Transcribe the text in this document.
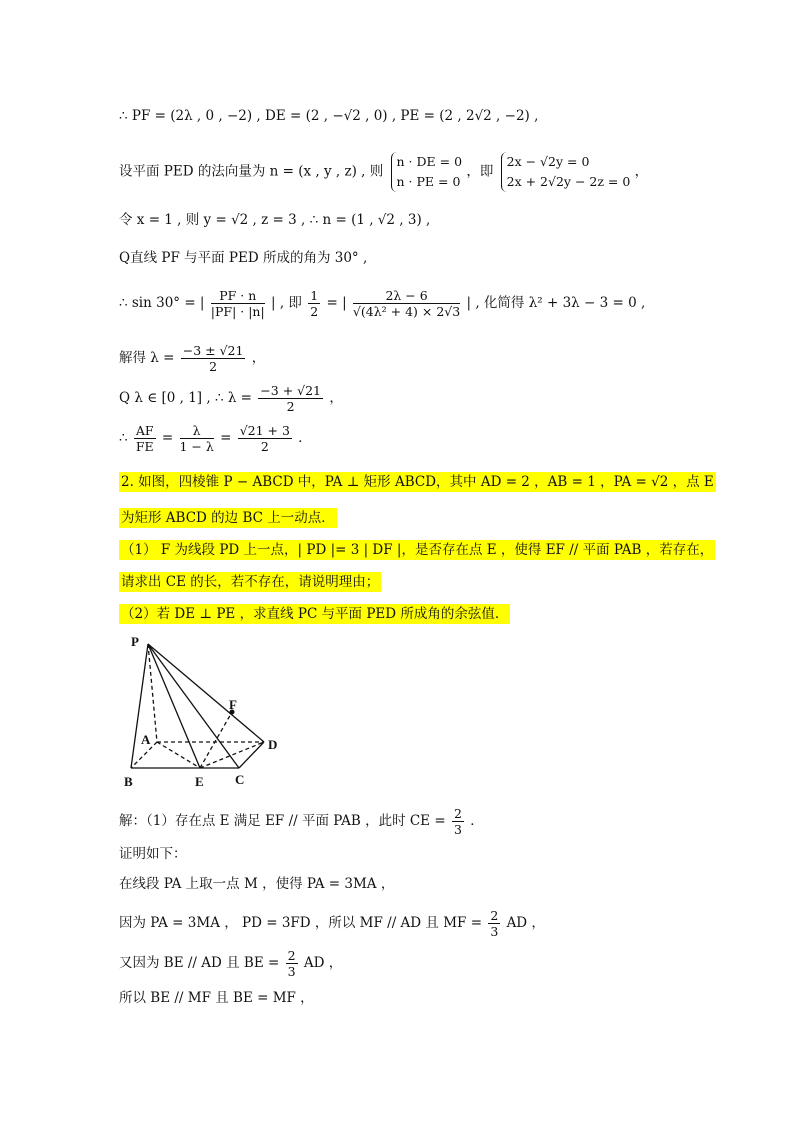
∴ PF = (2λ , 0 , −2) , DE = (2 , −√2 , 0) , PE = (2 , 2√2 , −2) ,
设平面 PED 的法向量为 n = (x , y , z) , 则
n · DE = 0
n · PE = 0
，即
2x − √2y = 0
2x + 2√2y − 2z = 0
，
令 x = 1 , 则 y = √2 , z = 3 , ∴ n = (1 , √2 , 3) ,
Q直线 PF 与平面 PED 所成的角为 30° ,
∴ sin 30° = | $\frac{PF \cdot n}{|PF| \cdot |n|}$ | , 即 $\frac{1}{2}$ = | $\frac{2\lambda - 6}{\text{√(4λ² + 4) × 2√3}}$ | , 化简得 λ² + 3λ − 3 = 0 ,
解得 $\lambda = \frac{-3 \pm √21}{2}$ ，
Q λ ∈ [0 , 1] , ∴ $\lambda = \frac{-3 + √21}{2}$ ，
∴ $\frac{AF}{FE} = \frac{\lambda}{1 - \lambda} = \frac{√21 + 3}{2}$ ．
2. 如图，四棱锥 P − ABCD 中，PA ⊥ 矩形 ABCD，其中 AD = 2 ，AB = 1 ，PA = √2 ，点 E
为矩形 ABCD 的边 BC 上一动点．
（1） F 为线段 PD 上一点，| PD |= 3 | DF |，是否存在点 E ，使得 EF // 平面 PAB ，若存在，
请求出 CE 的长，若不存在，请说明理由；
（2）若 DE ⊥ PE ，求直线 PC 与平面 PED 所成角的余弦值．
P
A
B	E C
D
F
解：（1）存在点 E 满足 EF // 平面 PAB ，此时 CE = $\frac{2}{3}$ ．
证明如下：
在线段 PA 上取一点 M ，使得 PA = 3MA ，
因为 PA = 3MA ， PD = 3FD ，所以 MF // AD 且 MF = $\frac{2}{3}$ AD ，
又因为 BE // AD 且 BE = $\frac{2}{3}$ AD ，
所以 BE // MF 且 BE = MF ，
